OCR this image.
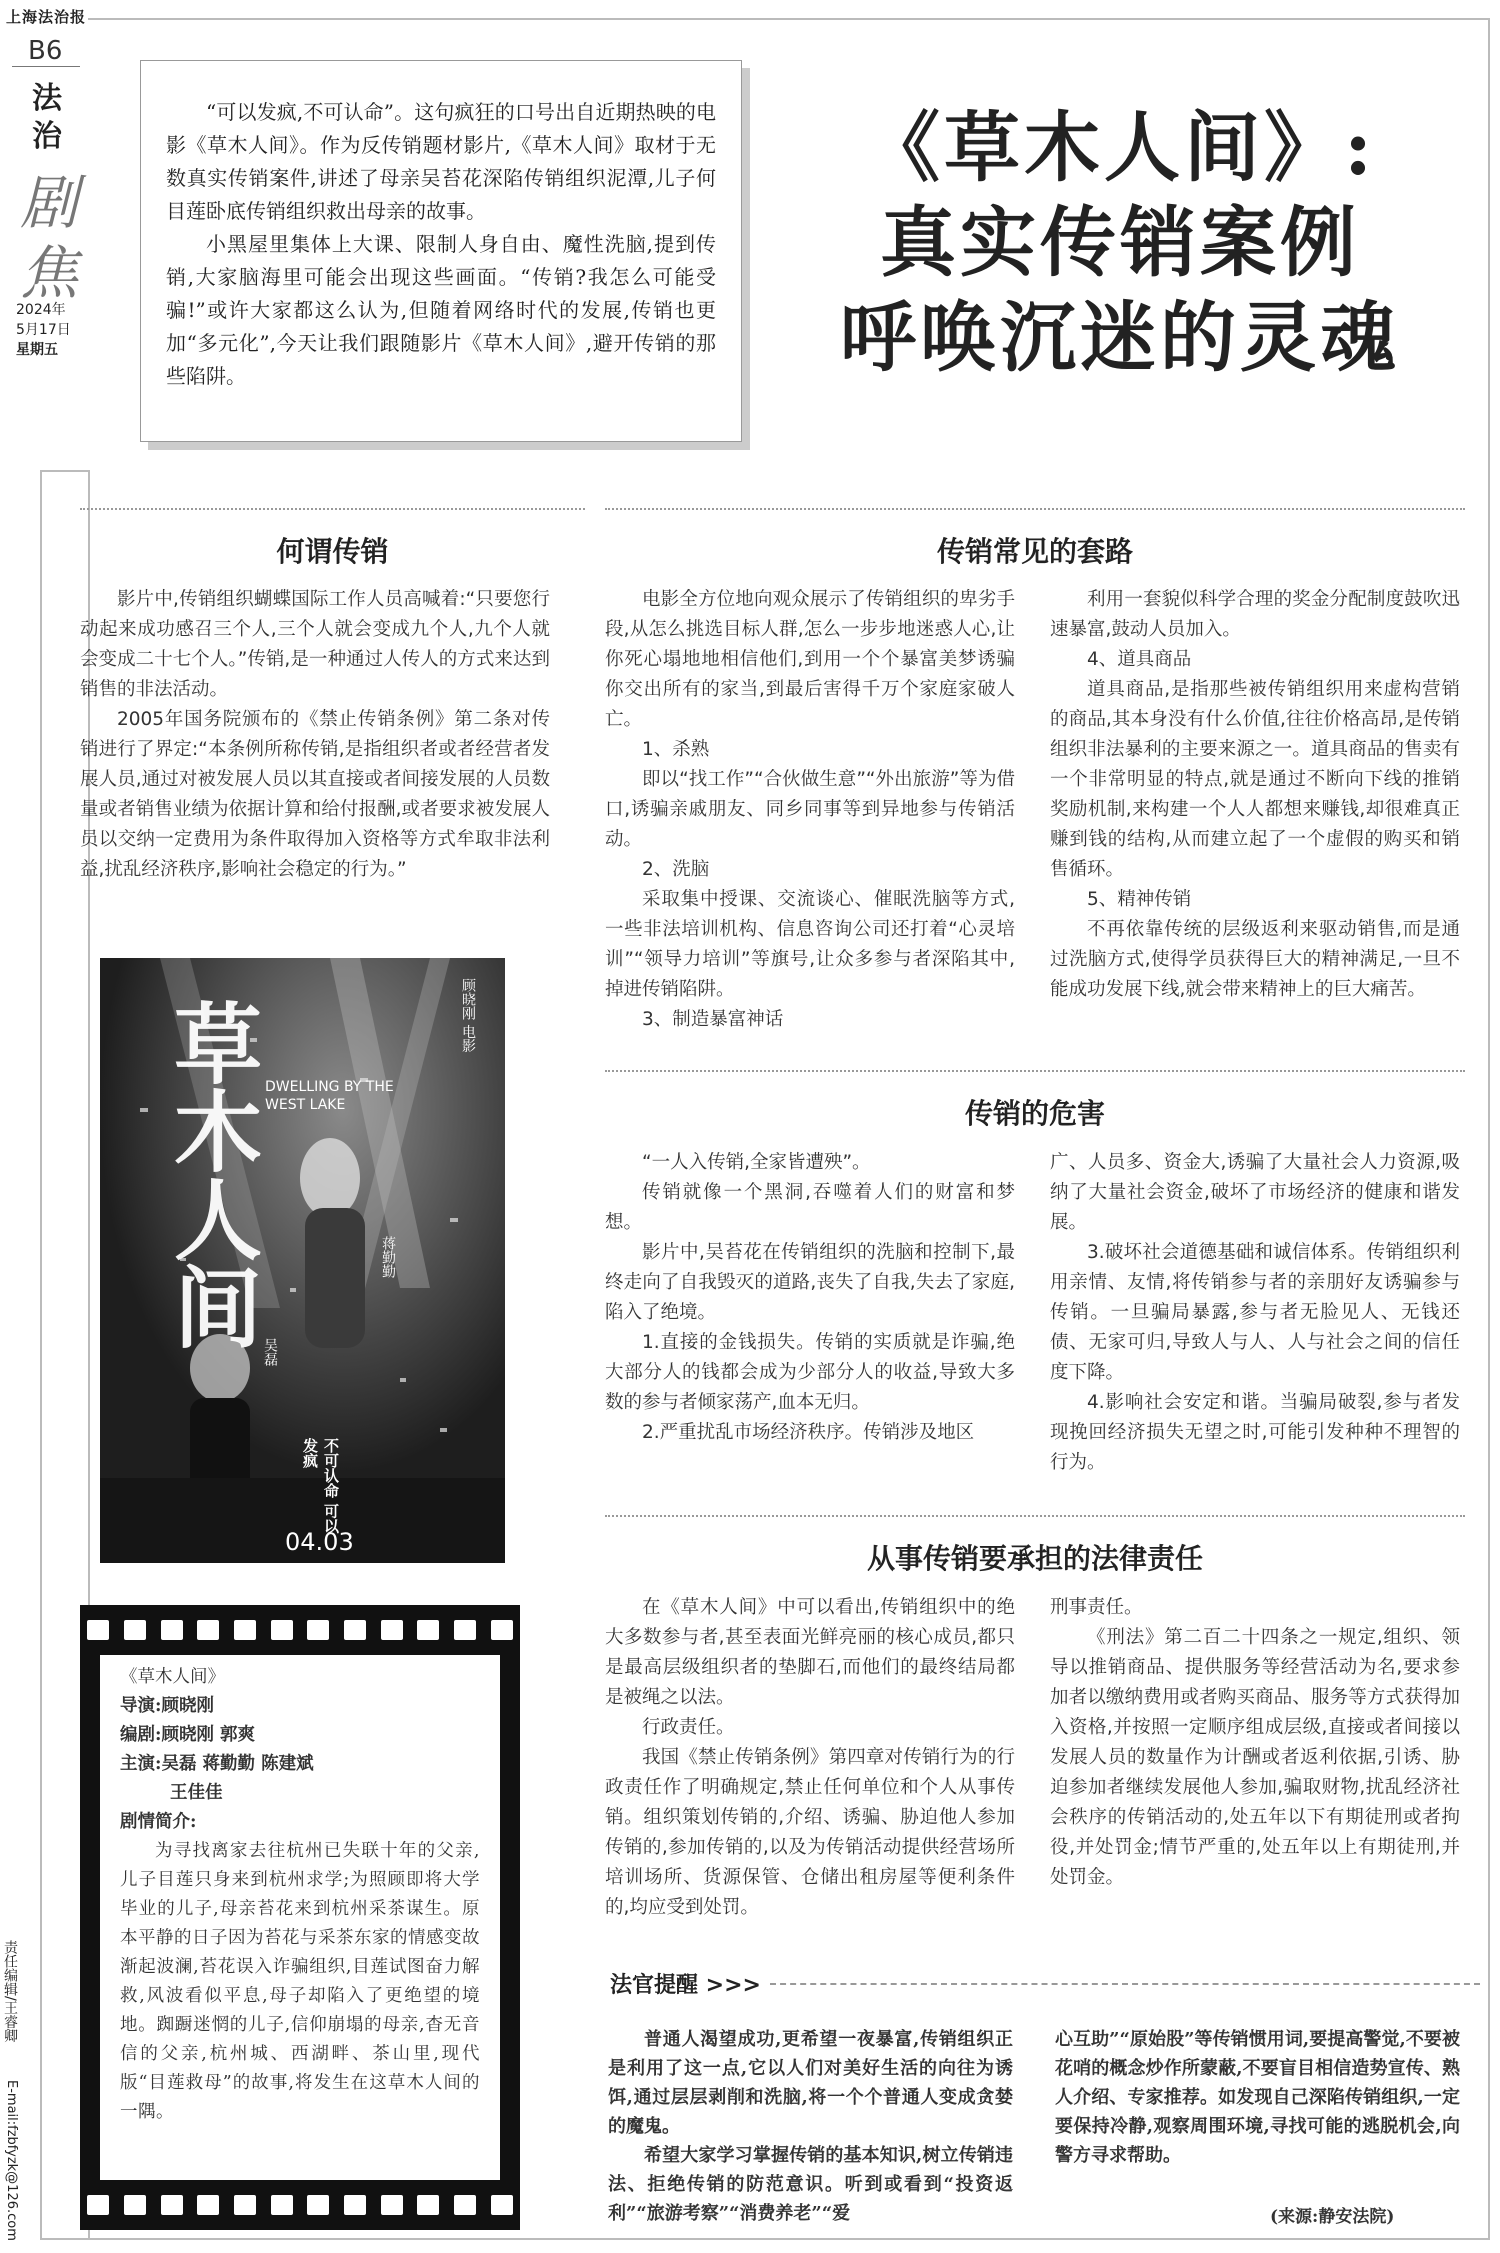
上海法治报
B6
法治
剧焦
2024年
5月17日
星期五
责任编辑/王睿卿
E-mail:fzbfyzk@126.com

“可以发疯,不可认命”。这句疯狂的口号出自近期热映的电影《草木人间》。作为反传销题材影片,《草木人间》取材于无数真实传销案件,讲述了母亲吴苔花深陷传销组织泥潭,儿子何目莲卧底传销组织救出母亲的故事。

小黑屋里集体上大课、限制人身自由、魔性洗脑,提到传销,大家脑海里可能会出现这些画面。“传销?我怎么可能受骗!”或许大家都这么认为,但随着网络时代的发展,传销也更加“多元化”,今天让我们跟随影片《草木人间》,避开传销的那些陷阱。

《草木人间》:
真实传销案例
呼唤沉迷的灵魂
何谓传销

影片中,传销组织蝴蝶国际工作人员高喊着:“只要您行动起来成功感召三个人,三个人就会变成九个人,九个人就会变成二十七个人。”传销,是一种通过人传人的方式来达到销售的非法活动。

2005年国务院颁布的《禁止传销条例》第二条对传销进行了界定:“本条例所称传销,是指组织者或者经营者发展人员,通过对被发展人员以其直接或者间接发展的人员数量或者销售业绩为依据计算和给付报酬,或者要求被发展人员以交纳一定费用为条件取得加入资格等方式牟取非法利益,扰乱经济秩序,影响社会稳定的行为。”

传销常见的套路

电影全方位地向观众展示了传销组织的卑劣手段,从怎么挑选目标人群,怎么一步步地迷惑人心,让你死心塌地地相信他们,到用一个个暴富美梦诱骗你交出所有的家当,到最后害得千万个家庭家破人亡。

1、杀熟

即以“找工作”“合伙做生意”“外出旅游”等为借口,诱骗亲戚朋友、同乡同事等到异地参与传销活动。

2、洗脑

采取集中授课、交流谈心、催眠洗脑等方式,一些非法培训机构、信息咨询公司还打着“心灵培训”“领导力培训”等旗号,让众多参与者深陷其中,掉进传销陷阱。

3、制造暴富神话

利用一套貌似科学合理的奖金分配制度鼓吹迅速暴富,鼓动人员加入。

4、道具商品

道具商品,是指那些被传销组织用来虚构营销的商品,其本身没有什么价值,往往价格高昂,是传销组织非法暴利的主要来源之一。道具商品的售卖有一个非常明显的特点,就是通过不断向下线的推销奖励机制,来构建一个人人都想来赚钱,却很难真正赚到钱的结构,从而建立起了一个虚假的购买和销售循环。

5、精神传销

不再依靠传统的层级返利来驱动销售,而是通过洗脑方式,使得学员获得巨大的精神满足,一旦不能成功发展下线,就会带来精神上的巨大痛苦。

传销的危害

“一人入传销,全家皆遭殃”。

传销就像一个黑洞,吞噬着人们的财富和梦想。

影片中,吴苔花在传销组织的洗脑和控制下,最终走向了自我毁灭的道路,丧失了自我,失去了家庭,陷入了绝境。

1.直接的金钱损失。传销的实质就是诈骗,绝大部分人的钱都会成为少部分人的收益,导致大多数的参与者倾家荡产,血本无归。

2.严重扰乱市场经济秩序。传销涉及地区

广、人员多、资金大,诱骗了大量社会人力资源,吸纳了大量社会资金,破坏了市场经济的健康和谐发展。

3.破坏社会道德基础和诚信体系。传销组织利用亲情、友情,将传销参与者的亲朋好友诱骗参与传销。一旦骗局暴露,参与者无脸见人、无钱还债、无家可归,导致人与人、人与社会之间的信任度下降。

4.影响社会安定和谐。当骗局破裂,参与者发现挽回经济损失无望之时,可能引发种种不理智的行为。

从事传销要承担的法律责任

在《草木人间》中可以看出,传销组织中的绝大多数参与者,甚至表面光鲜亮丽的核心成员,都只是最高层级组织者的垫脚石,而他们的最终结局都是被绳之以法。

行政责任。

我国《禁止传销条例》第四章对传销行为的行政责任作了明确规定,禁止任何单位和个人从事传销。组织策划传销的,介绍、诱骗、胁迫他人参加传销的,参加传销的,以及为传销活动提供经营场所培训场所、货源保管、仓储出租房屋等便利条件的,均应受到处罚。

刑事责任。

《刑法》第二百二十四条之一规定,组织、领导以推销商品、提供服务等经营活动为名,要求参加者以缴纳费用或者购买商品、服务等方式获得加入资格,并按照一定顺序组成层级,直接或者间接以发展人员的数量作为计酬或者返利依据,引诱、胁迫参加者继续发展他人参加,骗取财物,扰乱经济社会秩序的传销活动的,处五年以下有期徒刑或者拘役,并处罚金;情节严重的,处五年以上有期徒刑,并处罚金。

草木人间 DWELLING BY THE WEST LAKE
顾晓刚 电影
蒋勤勤
吴磊
不可认命 可以发疯
04.03
《草木人间》
导演:顾晓刚
编剧:顾晓刚 郭爽
主演:吴磊 蒋勤勤 陈建斌
王佳佳
剧情简介:
为寻找离家去往杭州已失联十年的父亲,儿子目莲只身来到杭州求学;为照顾即将大学毕业的儿子,母亲苔花来到杭州采茶谋生。原本平静的日子因为苔花与采茶东家的情感变故渐起波澜,苔花误入诈骗组织,目莲试图奋力解救,风波看似平息,母子却陷入了更绝望的境地。踟蹰迷惘的儿子,信仰崩塌的母亲,杳无音信的父亲,杭州城、西湖畔、茶山里,现代版“目莲救母”的故事,将发生在这草木人间的一隅。
法官提醒 >>>

普通人渴望成功,更希望一夜暴富,传销组织正是利用了这一点,它以人们对美好生活的向往为诱饵,通过层层剥削和洗脑,将一个个普通人变成贪婪的魔鬼。

希望大家学习掌握传销的基本知识,树立传销违法、拒绝传销的防范意识。听到或看到“投资返利”“旅游考察”“消费养老”“爱

心互助”“原始股”等传销惯用词,要提高警觉,不要被花哨的概念炒作所蒙蔽,不要盲目相信造势宣传、熟人介绍、专家推荐。如发现自己深陷传销组织,一定要保持冷静,观察周围环境,寻找可能的逃脱机会,向警方寻求帮助。

(来源:静安法院)
